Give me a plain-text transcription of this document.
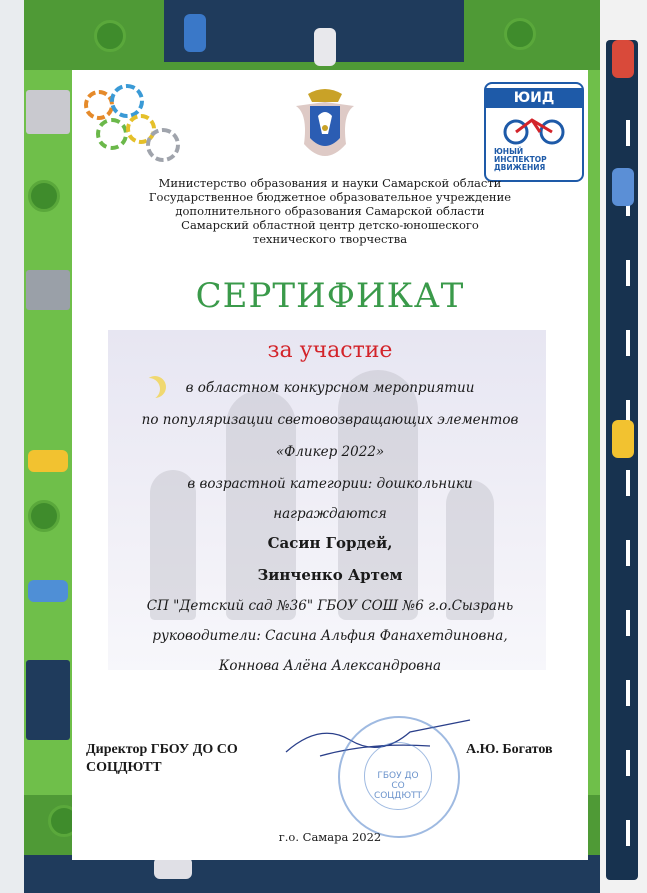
ЮИД
ЮНЫЙ
ИНСПЕКТОР
ДВИЖЕНИЯ
Министерство образования и науки Самарской области
Государственное бюджетное образовательное учреждение
дополнительного образования Самарской области
Самарский областной центр детско-юношеского
технического творчества
СЕРТИФИКАТ
за участие
в областном конкурсном мероприятии
по популяризации световозвращающих элементов
«Фликер 2022»
в возрастной категории: дошкольники
награждаются
Сасин Гордей,
Зинченко Артем
СП "Детский сад №36" ГБОУ СОШ №6 г.о.Сызрань
руководители: Сасина Альфия Фанахетдиновна,
Коннова Алёна Александровна
Директор ГБОУ ДО СО
СОЦДЮТТ
А.Ю. Богатов
ГБОУ ДО СО СОЦДЮТТ
г.о. Самара 2022
